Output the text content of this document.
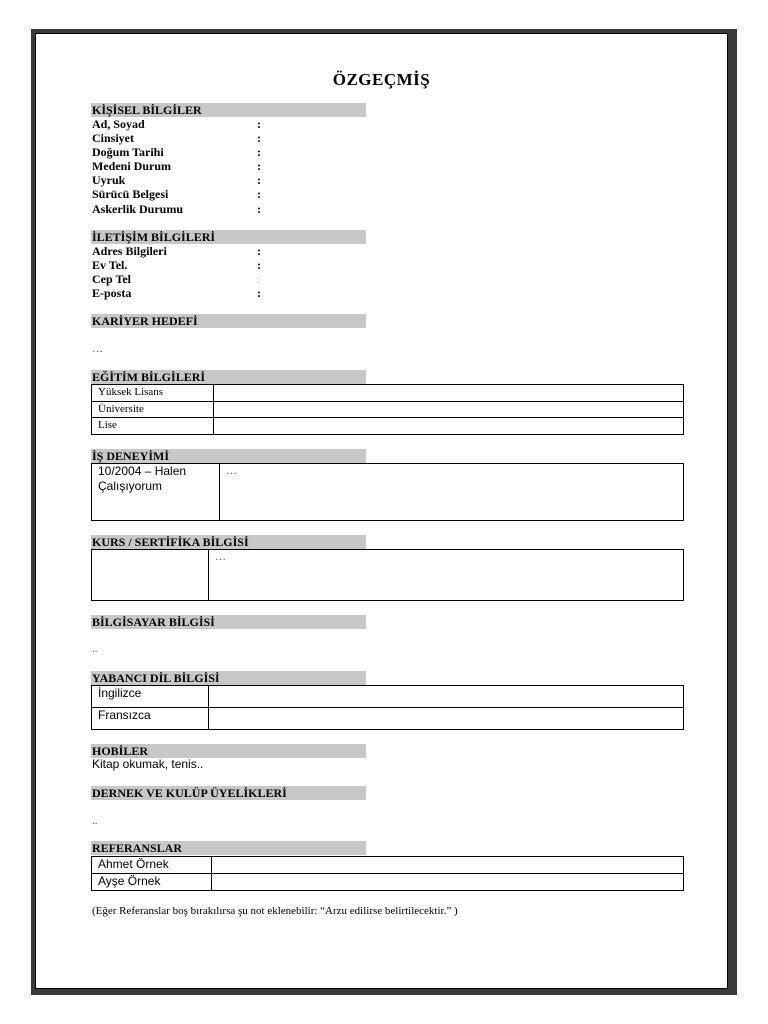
ÖZGEÇMİŞ
KİŞİSEL BİLGİLER
Ad, Soyad	:
Cinsiyet	:
Doğum Tarihi	:
Medeni Durum	:
Uyruk	:
Sürücü Belgesi	:
Askerlik Durumu	:
İLETİŞİM BİLGİLERİ
Adres Bilgileri	:
Ev Tel.	:
Cep Tel	:
E-posta	:
KARİYER HEDEFİ
…
EĞİTİM BİLGİLERİ
Yüksek Lisans	
Üniversite	
Lise	
İŞ DENEYİMİ
10/2004 – Halen Çalışıyorum	…
KURS / SERTİFİKA BİLGİSİ
	…
BİLGİSAYAR BİLGİSİ
..
YABANCI DİL BİLGİSİ
İngilizce	
Fransızca	
HOBİLER
Kitap okumak, tenis..
DERNEK VE KULÜP ÜYELİKLERİ
..
REFERANSLAR
Ahmet Örnek	
Ayşe Örnek	
(Eğer Referanslar boş bırakılırsa şu not eklenebilir: “Arzu edilirse belirtilecektir.” )
